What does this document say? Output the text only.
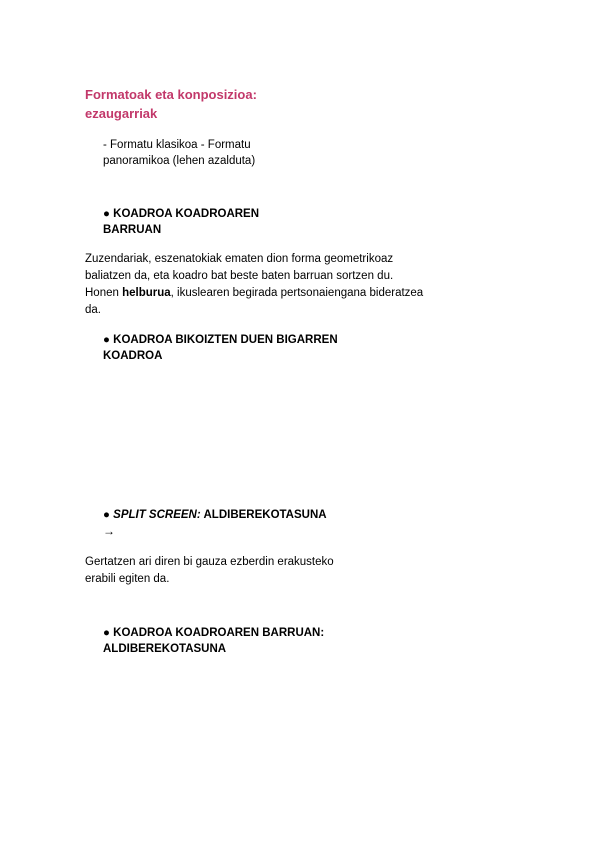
Formatoak eta konposizioa:
ezaugarriak
- Formatu klasikoa - Formatu
panoramikoa (lehen azalduta)
● KOADROA KOADROAREN
BARRUAN
Zuzendariak, eszenatokiak ematen dion forma geometrikoaz
baliatzen da, eta koadro bat beste baten barruan sortzen du.
Honen helburua, ikuslearen begirada pertsonaiengana bideratzea
da.
● KOADROA BIKOIZTEN DUEN BIGARREN
KOADROA
● SPLIT SCREEN: ALDIBEREKOTASUNA
→
Gertatzen ari diren bi gauza ezberdin erakusteko
erabili egiten da.
● KOADROA KOADROAREN BARRUAN:
ALDIBEREKOTASUNA
